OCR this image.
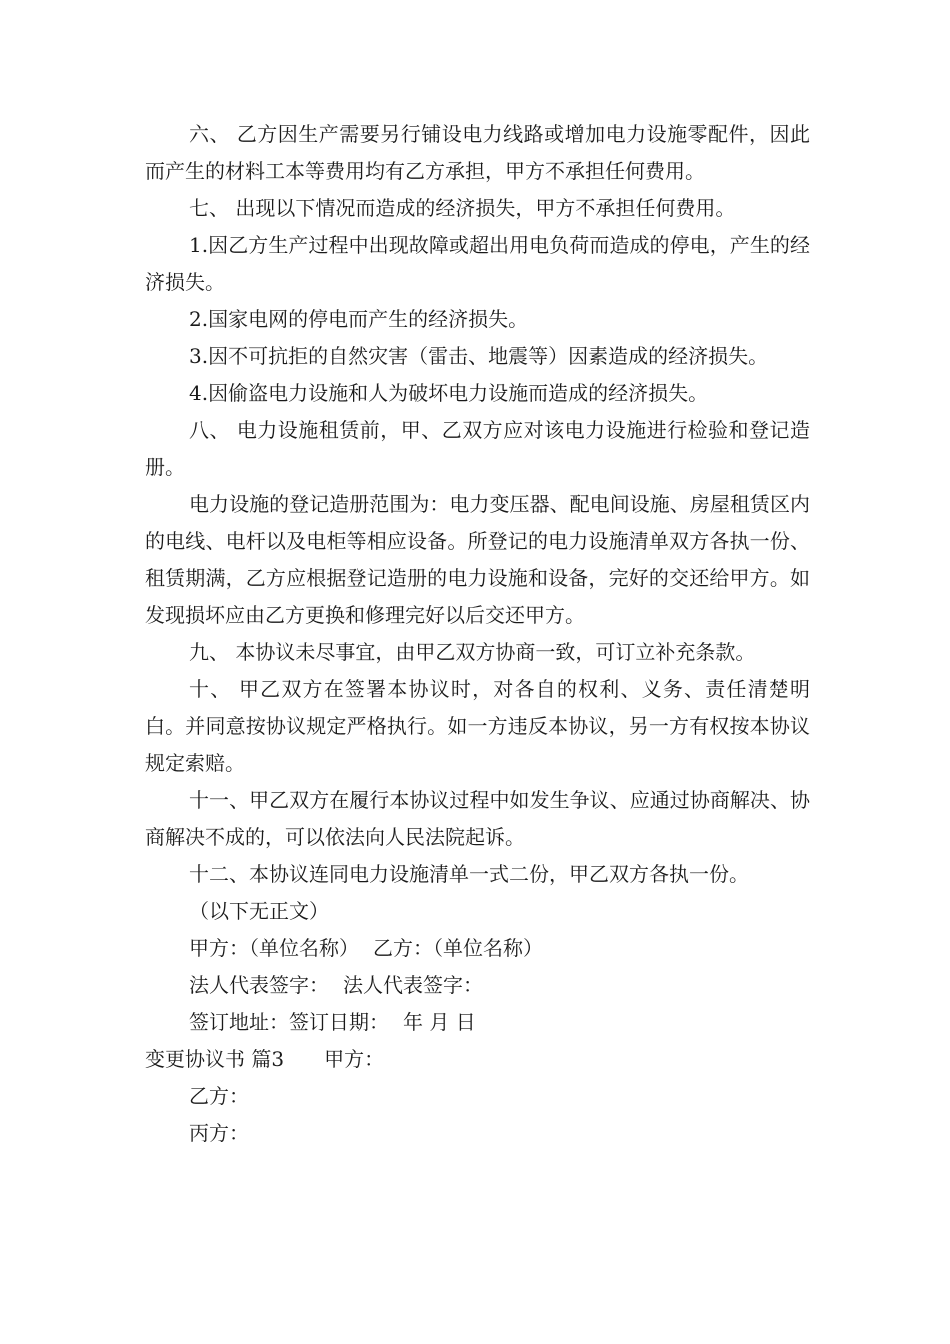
六、 乙方因生产需要另行铺设电力线路或增加电力设施零配件，因此而产生的材料工本等费用均有乙方承担，甲方不承担任何费用。

七、 出现以下情况而造成的经济损失，甲方不承担任何费用。

1.因乙方生产过程中出现故障或超出用电负荷而造成的停电，产生的经济损失。

2.国家电网的停电而产生的经济损失。

3.因不可抗拒的自然灾害（雷击、地震等）因素造成的经济损失。

4.因偷盗电力设施和人为破坏电力设施而造成的经济损失。

八、 电力设施租赁前，甲、乙双方应对该电力设施进行检验和登记造册。

电力设施的登记造册范围为：电力变压器、配电间设施、房屋租赁区内的电线、电杆以及电柜等相应设备。所登记的电力设施清单双方各执一份、租赁期满，乙方应根据登记造册的电力设施和设备，完好的交还给甲方。如发现损坏应由乙方更换和修理完好以后交还甲方。

九、 本协议未尽事宜，由甲乙双方协商一致，可订立补充条款。

十、 甲乙双方在签署本协议时，对各自的权利、义务、责任清楚明白。并同意按协议规定严格执行。如一方违反本协议，另一方有权按本协议规定索赔。

十一、甲乙双方在履行本协议过程中如发生争议、应通过协商解决、协商解决不成的，可以依法向人民法院起诉。

十二、本协议连同电力设施清单一式二份，甲乙双方各执一份。

（以下无正文）

甲方：（单位名称） 乙方：（单位名称）

法人代表签字： 法人代表签字：

签订地址：签订日期： 年 月 日

变更协议书 篇3 甲方：

乙方：

丙方：
